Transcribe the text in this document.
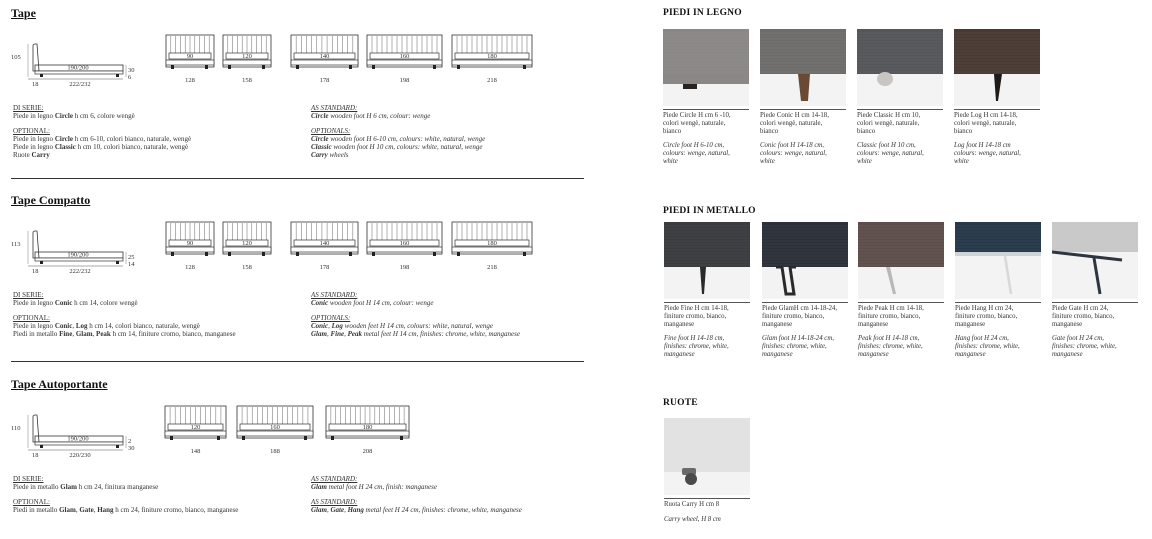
Tape
105
190/200	30
6
18	222/232
90
128
120
158
140
178
160
198
180
218
DI SERIE:
Piede in legno Circle h cm 6, colore wengè
OPTIONAL:
Piede in legno Circle h cm 6-10, colori bianco, naturale, wengè
Piede in legno Classic h cm 10, colori bianco, naturale, wengè
Ruote Carry
AS STANDARD:
Circle wooden foot H 6 cm, colour: wenge
OPTIONALS:
Circle wooden foot H 6-10 cm, colours: white, natural, wenge
Classic wooden foot H 10 cm, colours: white, natural, wenge
Carry wheels
Tape Compatto
113
190/200	25
14
18	222/232
90
128
120
158
140
178
160
198
180
218
DI SERIE:
Piede in legno Conic h cm 14, colore wengè
OPTIONAL:
Piede in legno Conic, Log h cm 14, colori bianco, naturale, wengè
Piedi in metallo Fine, Glam, Peak h cm 14, finiture cromo, bianco, manganese
AS STANDARD:
Conic wooden foot H 14 cm, colour: wenge
OPTIONALS:
Conic, Log wooden feet H 14 cm, colours: white, natural, wenge
Glam, Fine, Peak metal feet H 14 cm, finishes: chrome, white, manganese
Tape Autoportante
110
190/200	2
30
18	220/230
120
148
160
188
180
208
DI SERIE:
Piede in metallo Glam h cm 24, finitura manganese
OPTIONAL:
Piedi in metallo Glam, Gate, Hang h cm 24, finiture cromo, bianco, manganese
AS STANDARD:
Glam metal foot H 24 cm, finish: manganese
AS STANDARD:
Glam, Gate, Hang metal feet H 24 cm, finishes: chrome, white, manganese
PIEDI IN LEGNO
Piede Circle H cm 6 -10,
colori wengè, naturale,
bianco
Circle foot H 6-10 cm,
colours: wenge, natural,
white
Piede Conic H cm 14-18,
colori wengè, naturale,
bianco
Conic foot H 14-18 cm,
colours: wenge, natural,
white
Piede Classic H cm 10,
colori wengè, naturale,
bianco
Classic foot H 10 cm,
colours: wenge, natural,
white
Piede Log H cm 14-18,
colori wengè, naturale,
bianco
Log foot H 14-18 cm
colours: wenge, natural,
white
PIEDI IN METALLO
Piede Fine H cm 14-18,
finiture cromo, bianco,
manganese
Fine foot H 14-18 cm,
finishes: chrome, white,
manganese
Piede GlamH cm 14-18-24,
finiture cromo, bianco,
manganese
Glam foot H 14-18-24 cm,
finishes: chrome, white,
manganese
Piede Peak H cm 14-18,
finiture cromo, bianco,
manganese
Peak foot H 14-18 cm,
finishes: chrome, white,
manganese
Piede Hang H cm 24,
finiture cromo, bianco,
manganese
Hang foot H 24 cm,
finishes: chrome, white,
manganese
Piede Gate H cm 24,
finiture cromo, bianco,
manganese
Gate foot H 24 cm,
finishes: chrome, white,
manganese
RUOTE
Ruota Carry H cm 8
Carry wheel, H 8 cm
